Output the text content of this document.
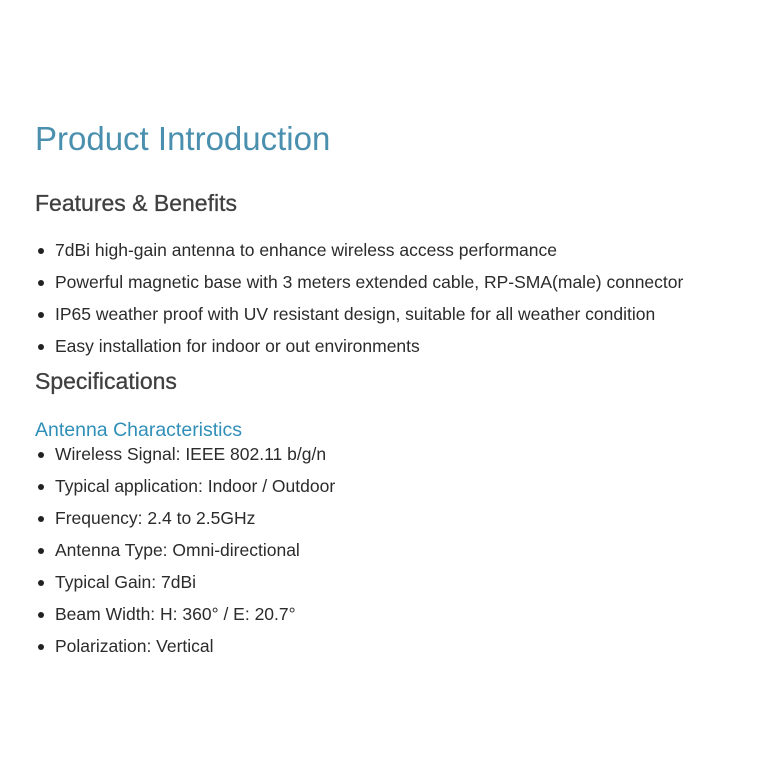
Product Introduction
Features & Benefits
7dBi high-gain antenna to enhance wireless access performance
Powerful magnetic base with 3 meters extended cable, RP-SMA(male) connector
IP65 weather proof with UV resistant design, suitable for all weather condition
Easy installation for indoor or out environments
Specifications
Antenna Characteristics
Wireless Signal: IEEE 802.11 b/g/n
Typical application: Indoor / Outdoor
Frequency: 2.4 to 2.5GHz
Antenna Type: Omni-directional
Typical Gain: 7dBi
Beam Width: H: 360° / E: 20.7°
Polarization: Vertical
